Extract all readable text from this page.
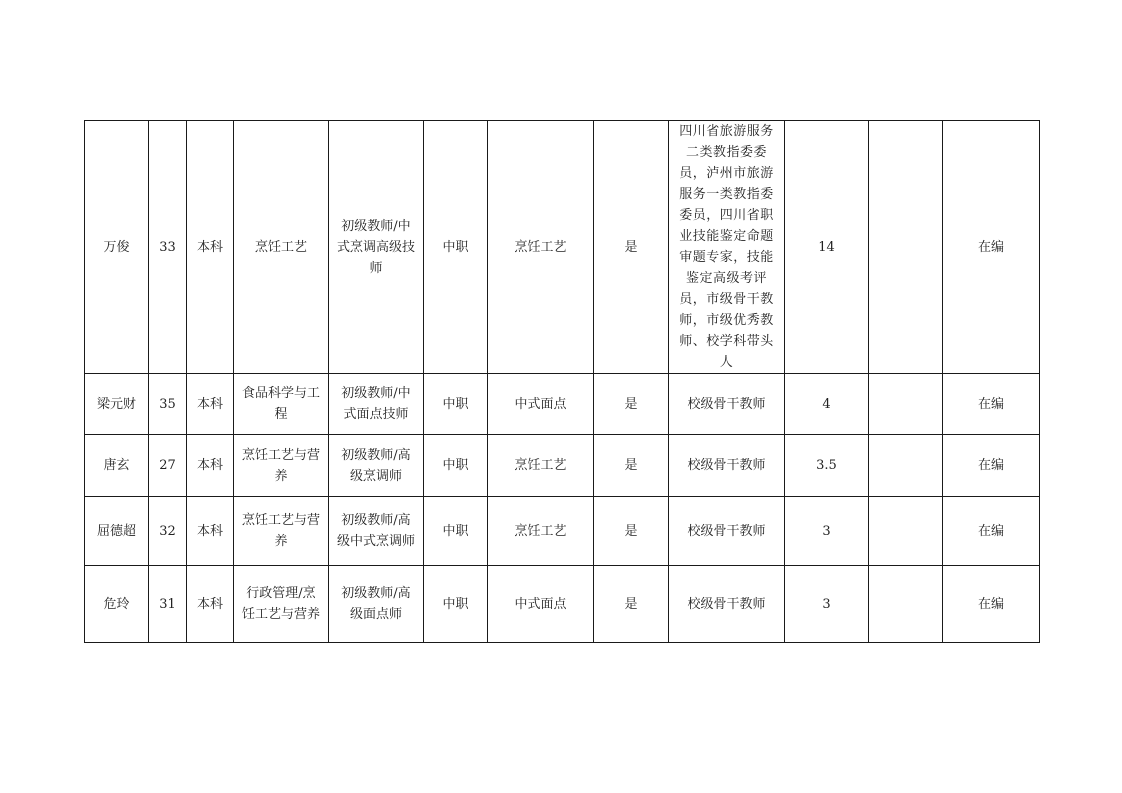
万俊	33	本科	烹饪工艺	初级教师/中式烹调高级技师	中职	烹饪工艺	是	四川省旅游服务二类教指委委员，泸州市旅游服务一类教指委委员，四川省职业技能鉴定命题审题专家，技能鉴定高级考评员，市级骨干教师，市级优秀教师、校学科带头人	14		在编
梁元财	35	本科	食品科学与工程	初级教师/中式面点技师	中职	中式面点	是	校级骨干教师	4		在编
唐玄	27	本科	烹饪工艺与营养	初级教师/高级烹调师	中职	烹饪工艺	是	校级骨干教师	3.5		在编
屈德超	32	本科	烹饪工艺与营养	初级教师/高级中式烹调师	中职	烹饪工艺	是	校级骨干教师	3		在编
危玲	31	本科	行政管理/烹饪工艺与营养	初级教师/高级面点师	中职	中式面点	是	校级骨干教师	3		在编
